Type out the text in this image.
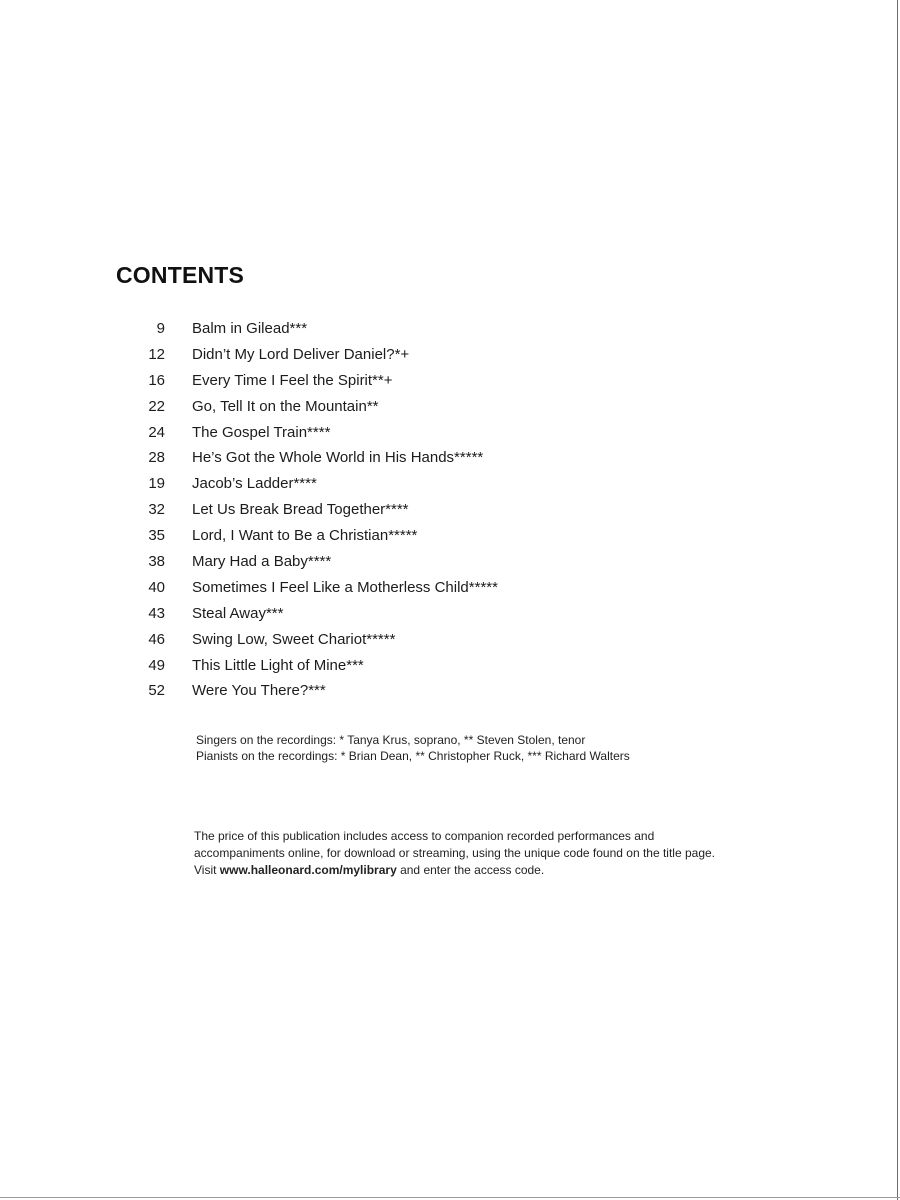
CONTENTS
9 Balm in Gilead***
12 Didn’t My Lord Deliver Daniel?*+
16 Every Time I Feel the Spirit**+
22 Go, Tell It on the Mountain**
24 The Gospel Train****
28 He’s Got the Whole World in His Hands*****
19 Jacob’s Ladder****
32 Let Us Break Bread Together****
35 Lord, I Want to Be a Christian*****
38 Mary Had a Baby****
40 Sometimes I Feel Like a Motherless Child*****
43 Steal Away***
46 Swing Low, Sweet Chariot*****
49 This Little Light of Mine***
52 Were You There?***
Singers on the recordings: * Tanya Krus, soprano, ** Steven Stolen, tenor
Pianists on the recordings: * Brian Dean, ** Christopher Ruck, *** Richard Walters
The price of this publication includes access to companion recorded performances and
accompaniments online, for download or streaming, using the unique code found on the title page.
Visit www.halleonard.com/mylibrary and enter the access code.
